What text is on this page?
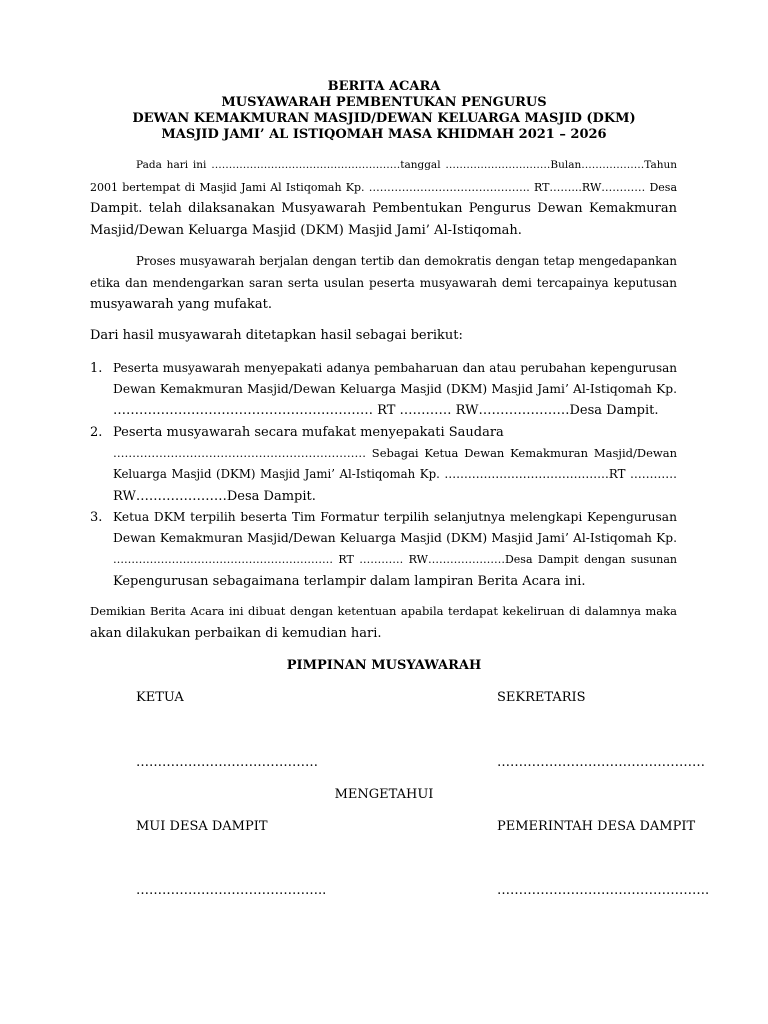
BERITA ACARA
MUSYAWARAH PEMBENTUKAN PENGURUS
DEWAN KEMAKMURAN MASJID/DEWAN KELUARGA MASJID (DKM)
MASJID JAMI’ AL ISTIQOMAH MASA KHIDMAH 2021 – 2026
Pada hari ini ………………………………………………tanggal …………………………Bulan………………Tahun
2001 bertempat di Masjid Jami Al Istiqomah Kp. …………………………………….. RT……...RW………… Desa
Dampit. telah dilaksanakan Musyawarah Pembentukan Pengurus Dewan Kemakmuran
Masjid/Dewan Keluarga Masjid (DKM) Masjid Jami’ Al-Istiqomah.
Proses musyawarah berjalan dengan tertib dan demokratis dengan tetap mengedapankan
etika dan mendengarkan saran serta usulan peserta musyawarah demi tercapainya keputusan
musyawarah yang mufakat.
Dari hasil musyawarah ditetapkan hasil sebagai berikut:
1. Peserta musyawarah menyepakati adanya pembaharuan dan atau perubahan kepengurusan
Dewan Kemakmuran Masjid/Dewan Keluarga Masjid (DKM) Masjid Jami’ Al-Istiqomah Kp.
…………………………………………………… RT ………… RW…………………Desa Dampit.
2. Peserta musyawarah secara mufakat menyepakati Saudara
………………………………………………………… Sebagai Ketua Dewan Kemakmuran Masjid/Dewan
Keluarga Masjid (DKM) Masjid Jami’ Al-Istiqomah Kp. ……………………………………RT …………
RW…………………Desa Dampit.
3. Ketua DKM terpilih beserta Tim Formatur terpilih selanjutnya melengkapi Kepengurusan
Dewan Kemakmuran Masjid/Dewan Keluarga Masjid (DKM) Masjid Jami’ Al-Istiqomah Kp.
…………………………………………………… RT ………… RW…………………Desa Dampit dengan susunan
Kepengurusan sebagaimana terlampir dalam lampiran Berita Acara ini.
Demikian Berita Acara ini dibuat dengan ketentuan apabila terdapat kekeliruan di dalamnya maka
akan dilakukan perbaikan di kemudian hari.
PIMPINAN MUSYAWARAH
KETUA	SEKRETARIS
……………………………………	…………………………………………
MENGETAHUI
MUI DESA DAMPIT	PEMERINTAH DESA DAMPIT
……………………………………..	………………………………………….
